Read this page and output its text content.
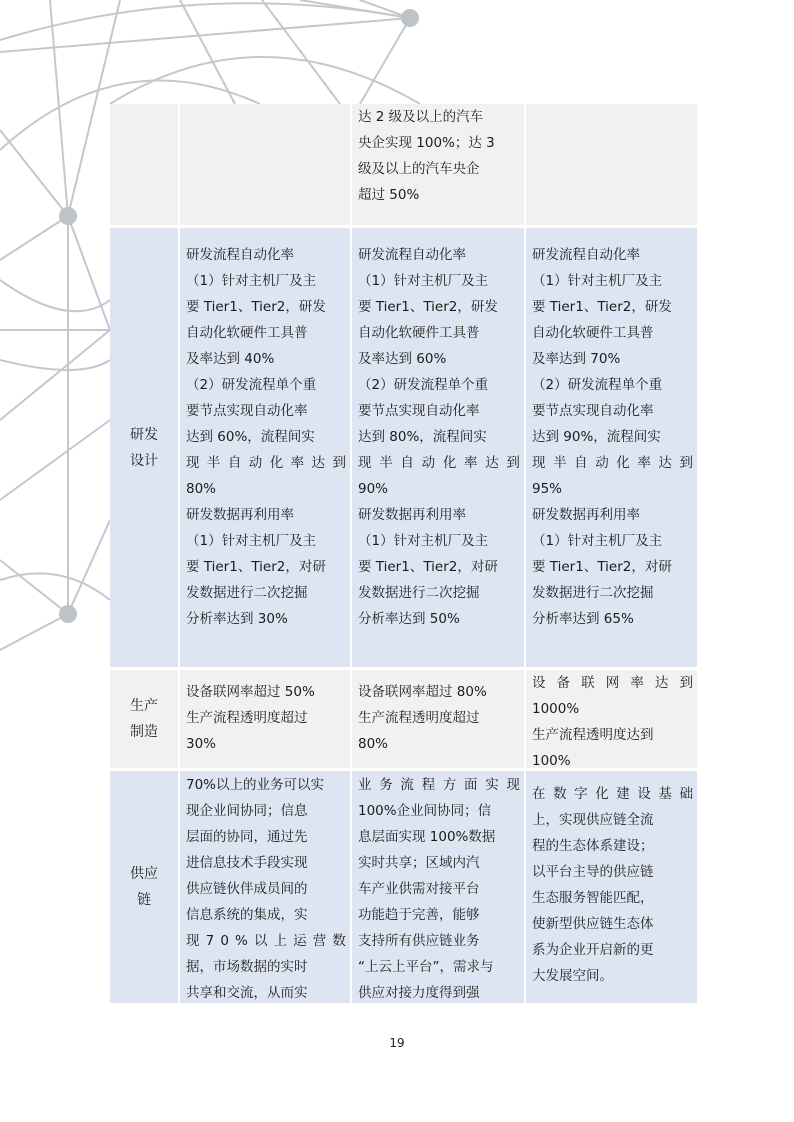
达 2 级及以上的汽车
央企实现 100%；达 3
级及以上的汽车央企
超过 50%
研发
设计
研发流程自动化率
（1）针对主机厂及主
要 Tier1、Tier2，研发
自动化软硬件工具普
及率达到 40%
（2）研发流程单个重
要节点实现自动化率
达到 60%，流程间实
现 半 自 动 化 率 达 到
80%
研发数据再利用率
（1）针对主机厂及主
要 Tier1、Tier2，对研
发数据进行二次挖掘
分析率达到 30%
研发流程自动化率
（1）针对主机厂及主
要 Tier1、Tier2，研发
自动化软硬件工具普
及率达到 60%
（2）研发流程单个重
要节点实现自动化率
达到 80%，流程间实
现 半 自 动 化 率 达 到
90%
研发数据再利用率
（1）针对主机厂及主
要 Tier1、Tier2，对研
发数据进行二次挖掘
分析率达到 50%
研发流程自动化率
（1）针对主机厂及主
要 Tier1、Tier2，研发
自动化软硬件工具普
及率达到 70%
（2）研发流程单个重
要节点实现自动化率
达到 90%，流程间实
现 半 自 动 化 率 达 到
95%
研发数据再利用率
（1）针对主机厂及主
要 Tier1、Tier2，对研
发数据进行二次挖掘
分析率达到 65%
生产
制造
设备联网率超过 50%
生产流程透明度超过
30%
设备联网率超过 80%
生产流程透明度超过
80%
设 备 联 网 率 达 到
1000%
生产流程透明度达到
100%
供应链
70%以上的业务可以实
现企业间协同；信息
层面的协同，通过先
进信息技术手段实现
供应链伙伴成员间的
信息系统的集成，实
现 7 0 % 以 上 运 营 数
据，市场数据的实时
共享和交流，从而实
业 务 流 程 方 面 实 现
100%企业间协同；信
息层面实现 100%数据
实时共享；区域内汽
车产业供需对接平台
功能趋于完善，能够
支持所有供应链业务
“上云上平台”，需求与
供应对接力度得到强
在 数 字 化 建 设 基 础
上，实现供应链全流
程的生态体系建设；
以平台主导的供应链
生态服务智能匹配，
使新型供应链生态体
系为企业开启新的更
大发展空间。
19
